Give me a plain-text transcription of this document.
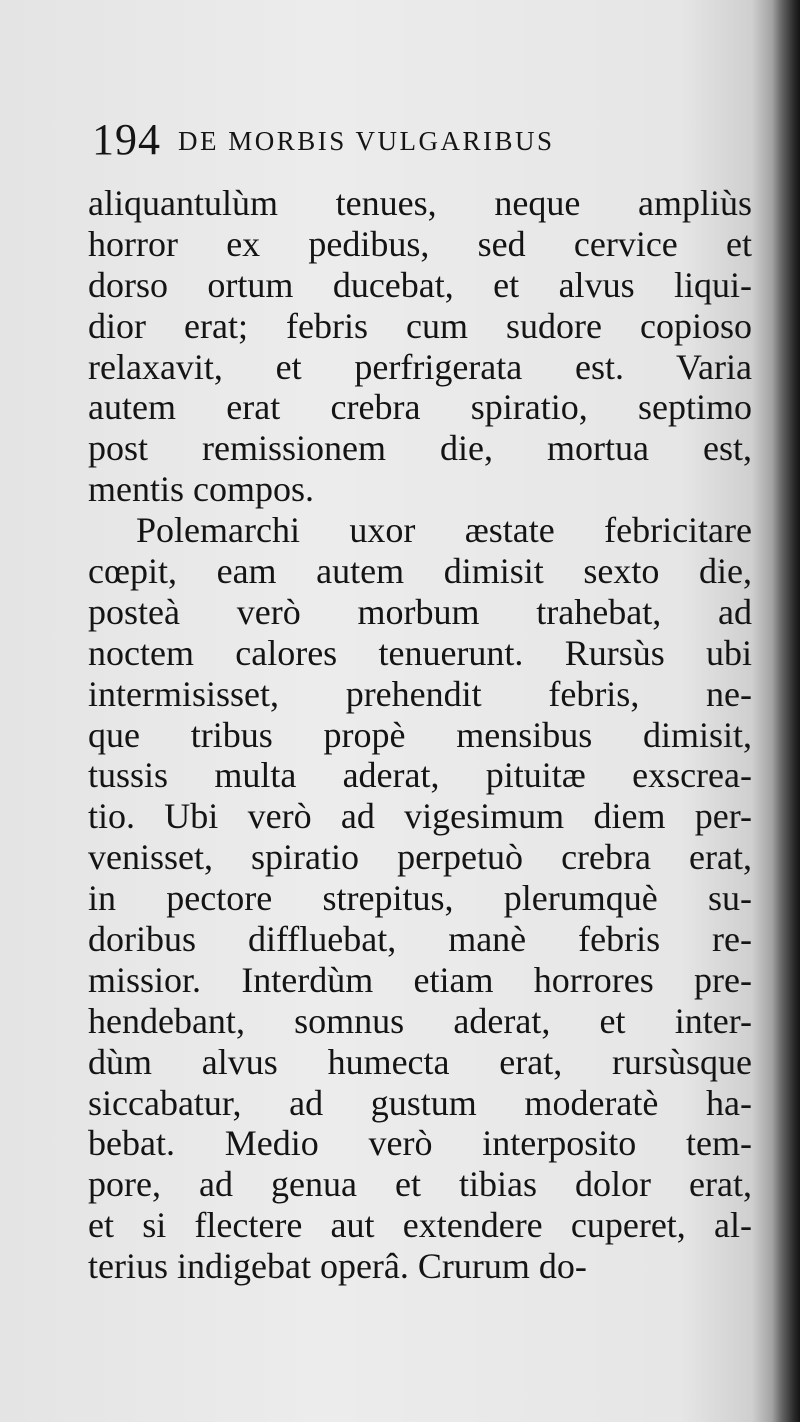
194 DE MORBIS VULGARIBUS
aliquantulùm tenues, neque ampliùs
horror ex pedibus, sed cervice et
dorso ortum ducebat, et alvus liqui-
dior erat; febris cum sudore copioso
relaxavit, et perfrigerata est. Varia
autem erat crebra spiratio, septimo
post remissionem die, mortua est,
mentis compos.
Polemarchi uxor æstate febricitare
cœpit, eam autem dimisit sexto die,
posteà verò morbum trahebat, ad
noctem calores tenuerunt. Rursùs ubi
intermisisset, prehendit febris, ne-
que tribus propè mensibus dimisit,
tussis multa aderat, pituitæ exscrea-
tio. Ubi verò ad vigesimum diem per-
venisset, spiratio perpetuò crebra erat,
in pectore strepitus, plerumquè su-
doribus diffluebat, manè febris re-
missior. Interdùm etiam horrores pre-
hendebant, somnus aderat, et inter-
dùm alvus humecta erat, rursùsque
siccabatur, ad gustum moderatè ha-
bebat. Medio verò interposito tem-
pore, ad genua et tibias dolor erat,
et si flectere aut extendere cuperet, al-
terius indigebat operâ. Crurum do-
